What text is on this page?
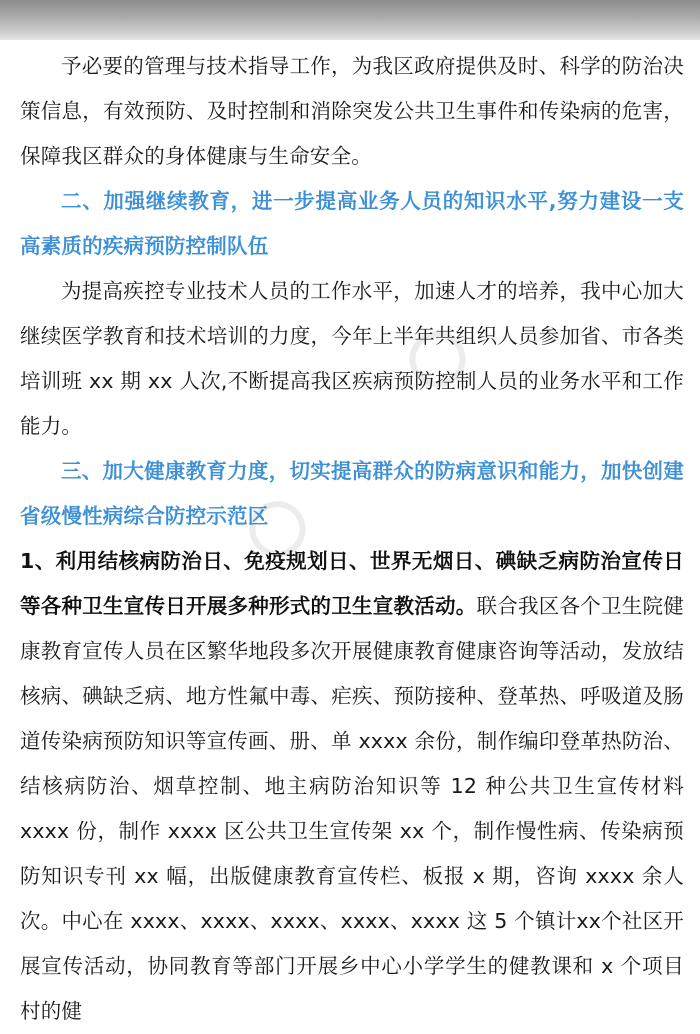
予必要的管理与技术指导工作，为我区政府提供及时、科学的防治决策信息，有效预防、及时控制和消除突发公共卫生事件和传染病的危害，保障我区群众的身体健康与生命安全。

二、加强继续教育，进一步提高业务人员的知识水平,努力建设一支高素质的疾病预防控制队伍

为提高疾控专业技术人员的工作水平，加速人才的培养，我中心加大继续医学教育和技术培训的力度，今年上半年共组织人员参加省、市各类培训班 xx 期 xx 人次,不断提高我区疾病预防控制人员的业务水平和工作能力。

三、加大健康教育力度，切实提高群众的防病意识和能力，加快创建省级慢性病综合防控示范区

1、利用结核病防治日、免疫规划日、世界无烟日、碘缺乏病防治宣传日等各种卫生宣传日开展多种形式的卫生宣教活动。联合我区各个卫生院健康教育宣传人员在区繁华地段多次开展健康教育健康咨询等活动，发放结核病、碘缺乏病、地方性氟中毒、疟疾、预防接种、登革热、呼吸道及肠道传染病预防知识等宣传画、册、单 xxxx 余份，制作编印登革热防治、结核病防治、烟草控制、地主病防治知识等 12 种公共卫生宣传材料 xxxx 份，制作 xxxx 区公共卫生宣传架 xx 个，制作慢性病、传染病预防知识专刊 xx 幅，出版健康教育宣传栏、板报 x 期，咨询 xxxx 余人次。中心在 xxxx、xxxx、xxxx、xxxx、xxxx 这 5 个镇计xx个社区开展宣传活动，协同教育等部门开展乡中心小学学生的健教课和 x 个项目村的健
